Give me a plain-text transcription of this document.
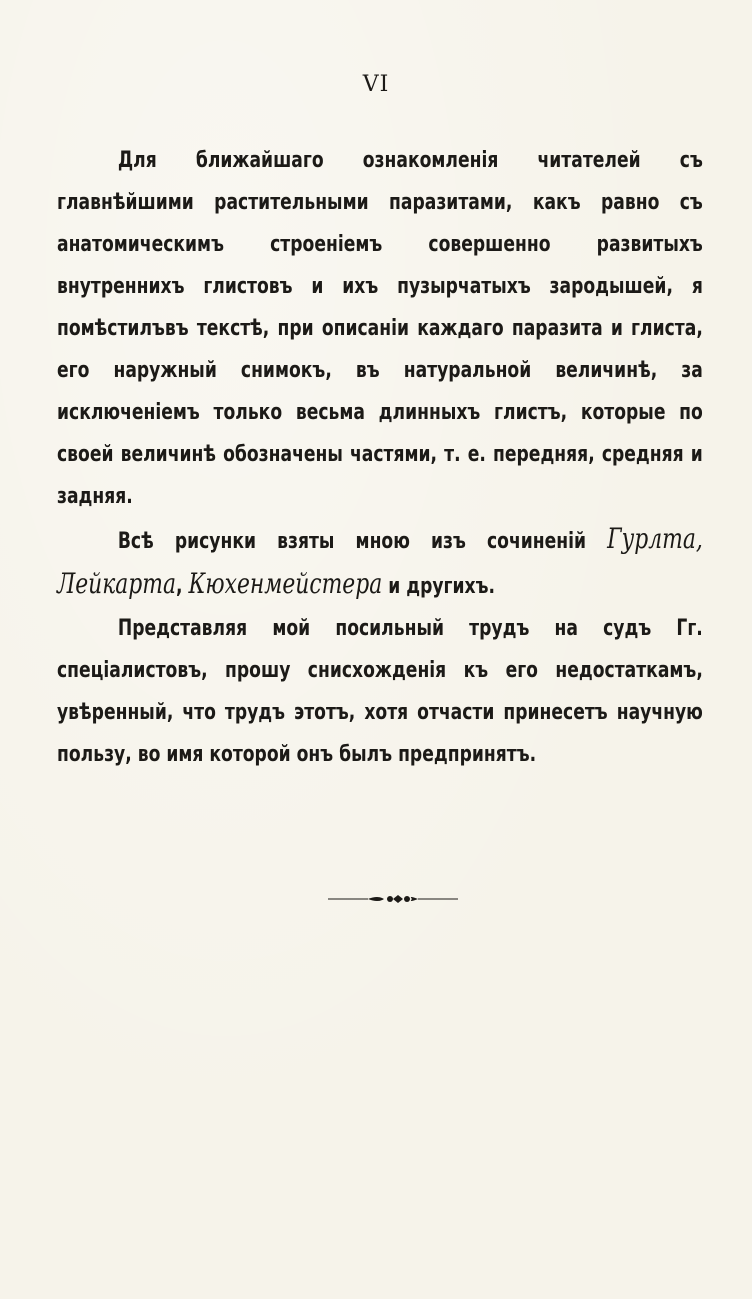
VI

Для ближайшаго ознакомленія читателей съ главнѣйшими растительными паразитами, какъ равно съ анатомическимъ строеніемъ совершенно развитыхъ внутреннихъ глистовъ и ихъ пузырчатыхъ зародышей, я помѣстилъвъ текстѣ, при описаніи каждаго паразита и глиста, его наружный снимокъ, въ натуральной величинѣ, за исключеніемъ только весьма длинныхъ глистъ, которые по своей величинѣ обозначены частями, т. е. передняя, средняя и задняя.

Всѣ рисунки взяты мною изъ сочиненій Гурлта, Лейкарта, Кюхенмейстера и другихъ.

Представляя мой посильный трудъ на судъ Гг. спеціалистовъ, прошу снисхожденія къ его недостаткамъ, увѣренный, что трудъ этотъ, хотя отчасти принесетъ научную пользу, во имя которой онъ былъ предпринятъ.
